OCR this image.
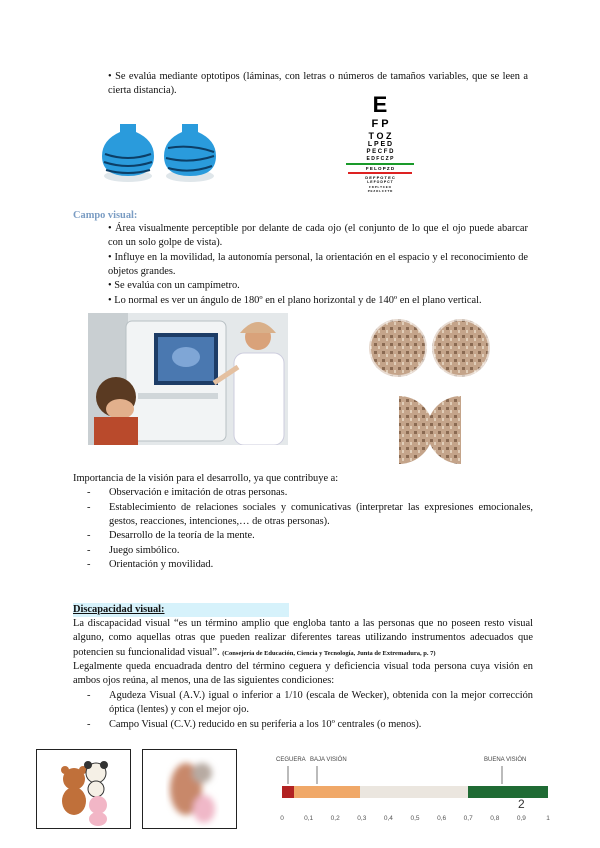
• Se evalúa mediante optotipos (láminas, con letras o números de tamaños variables, que se leen a cierta distancia).
E
F P
T O Z
L P E D
P E C F D
E D F C Z P
F E L O P Z D
D E F P O T E C
L E F O D P C T
F D P L T C E O
P E Z O L C F T D
Campo visual:
• Área visualmente perceptible por delante de cada ojo (el conjunto de lo que el ojo puede abarcar con un solo golpe de vista).
• Influye en la movilidad, la autonomía personal, la orientación en el espacio y el reconocimiento de objetos grandes.
• Se evalúa con un campímetro.
• Lo normal es ver un ángulo de 180º en el plano horizontal y de 140º en el plano vertical.
Importancia de la visión para el desarrollo, ya que contribuye a:
- Observación e imitación de otras personas.
- Establecimiento de relaciones sociales y comunicativas (interpretar las expresiones emocionales, gestos, reacciones, intenciones,… de otras personas).
- Desarrollo de la teoría de la mente.
- Juego simbólico.
- Orientación y movilidad.
Discapacidad visual:
La discapacidad visual “es un término amplio que engloba tanto a las personas que no poseen resto visual alguno, como aquellas otras que pueden realizar diferentes tareas utilizando instrumentos adecuados que potencien su funcionalidad visual”. (Consejería de Educación, Ciencia y Tecnología, Junta de Extremadura, p. 7)
Legalmente queda encuadrada dentro del término ceguera y deficiencia visual toda persona cuya visión en ambos ojos reúna, al menos, una de las siguientes condiciones:
- Agudeza Visual (A.V.) igual o inferior a 1/10 (escala de Wecker), obtenida con la mejor corrección óptica (lentes) y con el mejor ojo.
- Campo Visual (C.V.) reducido en su periferia a los 10º centrales (o menos).
CEGUERA BAJA VISIÓN	BUENA VISIÓN
2
0	0,1	0,2	0,3	0,4	0,5	0,6	0,7	0,8	0,9	1
